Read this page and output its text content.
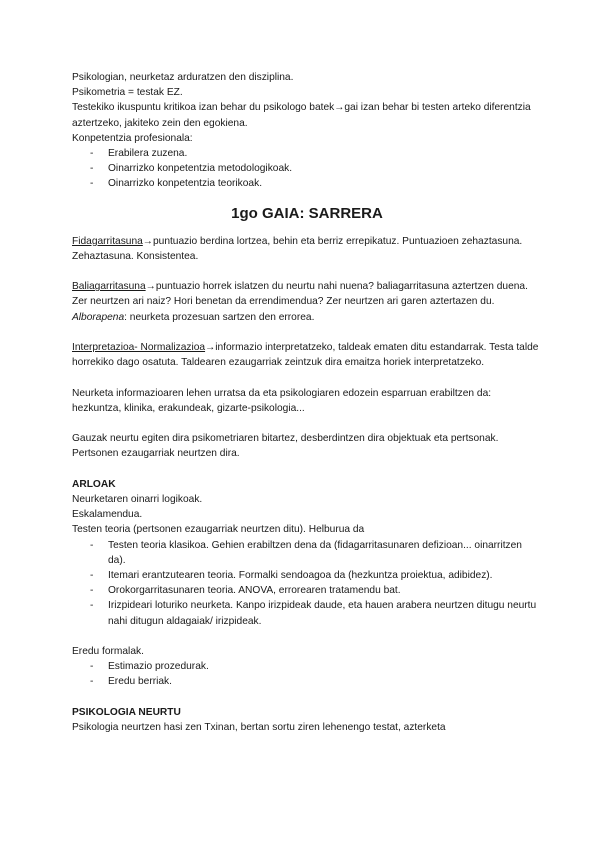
Psikologian, neurketaz arduratzen den disziplina.

Psikometria = testak EZ.

Testekiko ikuspuntu kritikoa izan behar du psikologo batek→gai izan behar bi testen arteko diferentzia aztertzeko, jakiteko zein den egokiena.

Konpetentzia profesionala:

- Erabilera zuzena.
- Oinarrizko konpetentzia metodologikoak.
- Oinarrizko konpetentzia teorikoak.
1go GAIA: SARRERA

Fidagarritasuna→puntuazio berdina lortzea, behin eta berriz errepikatuz. Puntuazioen zehaztasuna. Zehaztasuna. Konsistentea.

Baliagarritasuna→puntuazio horrek islatzen du neurtu nahi nuena? baliagarritasuna aztertzen duena. Zer neurtzen ari naiz? Hori benetan da errendimendua? Zer neurtzen ari garen aztertazen du.

Alborapena: neurketa prozesuan sartzen den errorea.

Interpretazioa- Normalizazioa→informazio interpretatzeko, taldeak ematen ditu estandarrak. Testa talde horrekiko dago osatuta. Taldearen ezaugarriak zeintzuk dira emaitza horiek interpretatzeko.

Neurketa informazioaren lehen urratsa da eta psikologiaren edozein esparruan erabiltzen da: hezkuntza, klinika, erakundeak, gizarte-psikologia...

Gauzak neurtu egiten dira psikometriaren bitartez, desberdintzen dira objektuak eta pertsonak. Pertsonen ezaugarriak neurtzen dira.

ARLOAK

Neurketaren oinarri logikoak.

Eskalamendua.

Testen teoria (pertsonen ezaugarriak neurtzen ditu). Helburua da

- Testen teoria klasikoa. Gehien erabiltzen dena da (fidagarritasunaren defizioan... oinarritzen da).
- Itemari erantzutearen teoria. Formalki sendoagoa da (hezkuntza proiektua, adibidez).
- Orokorgarritasunaren teoria. ANOVA, errorearen tratamendu bat.
- Irizpideari loturiko neurketa. Kanpo irizpideak daude, eta hauen arabera neurtzen ditugu neurtu nahi ditugun aldagaiak/ irizpideak.

Eredu formalak.

- Estimazio prozedurak.
- Eredu berriak.
PSIKOLOGIA NEURTU

Psikologia neurtzen hasi zen Txinan, bertan sortu ziren lehenengo testat, azterketa
